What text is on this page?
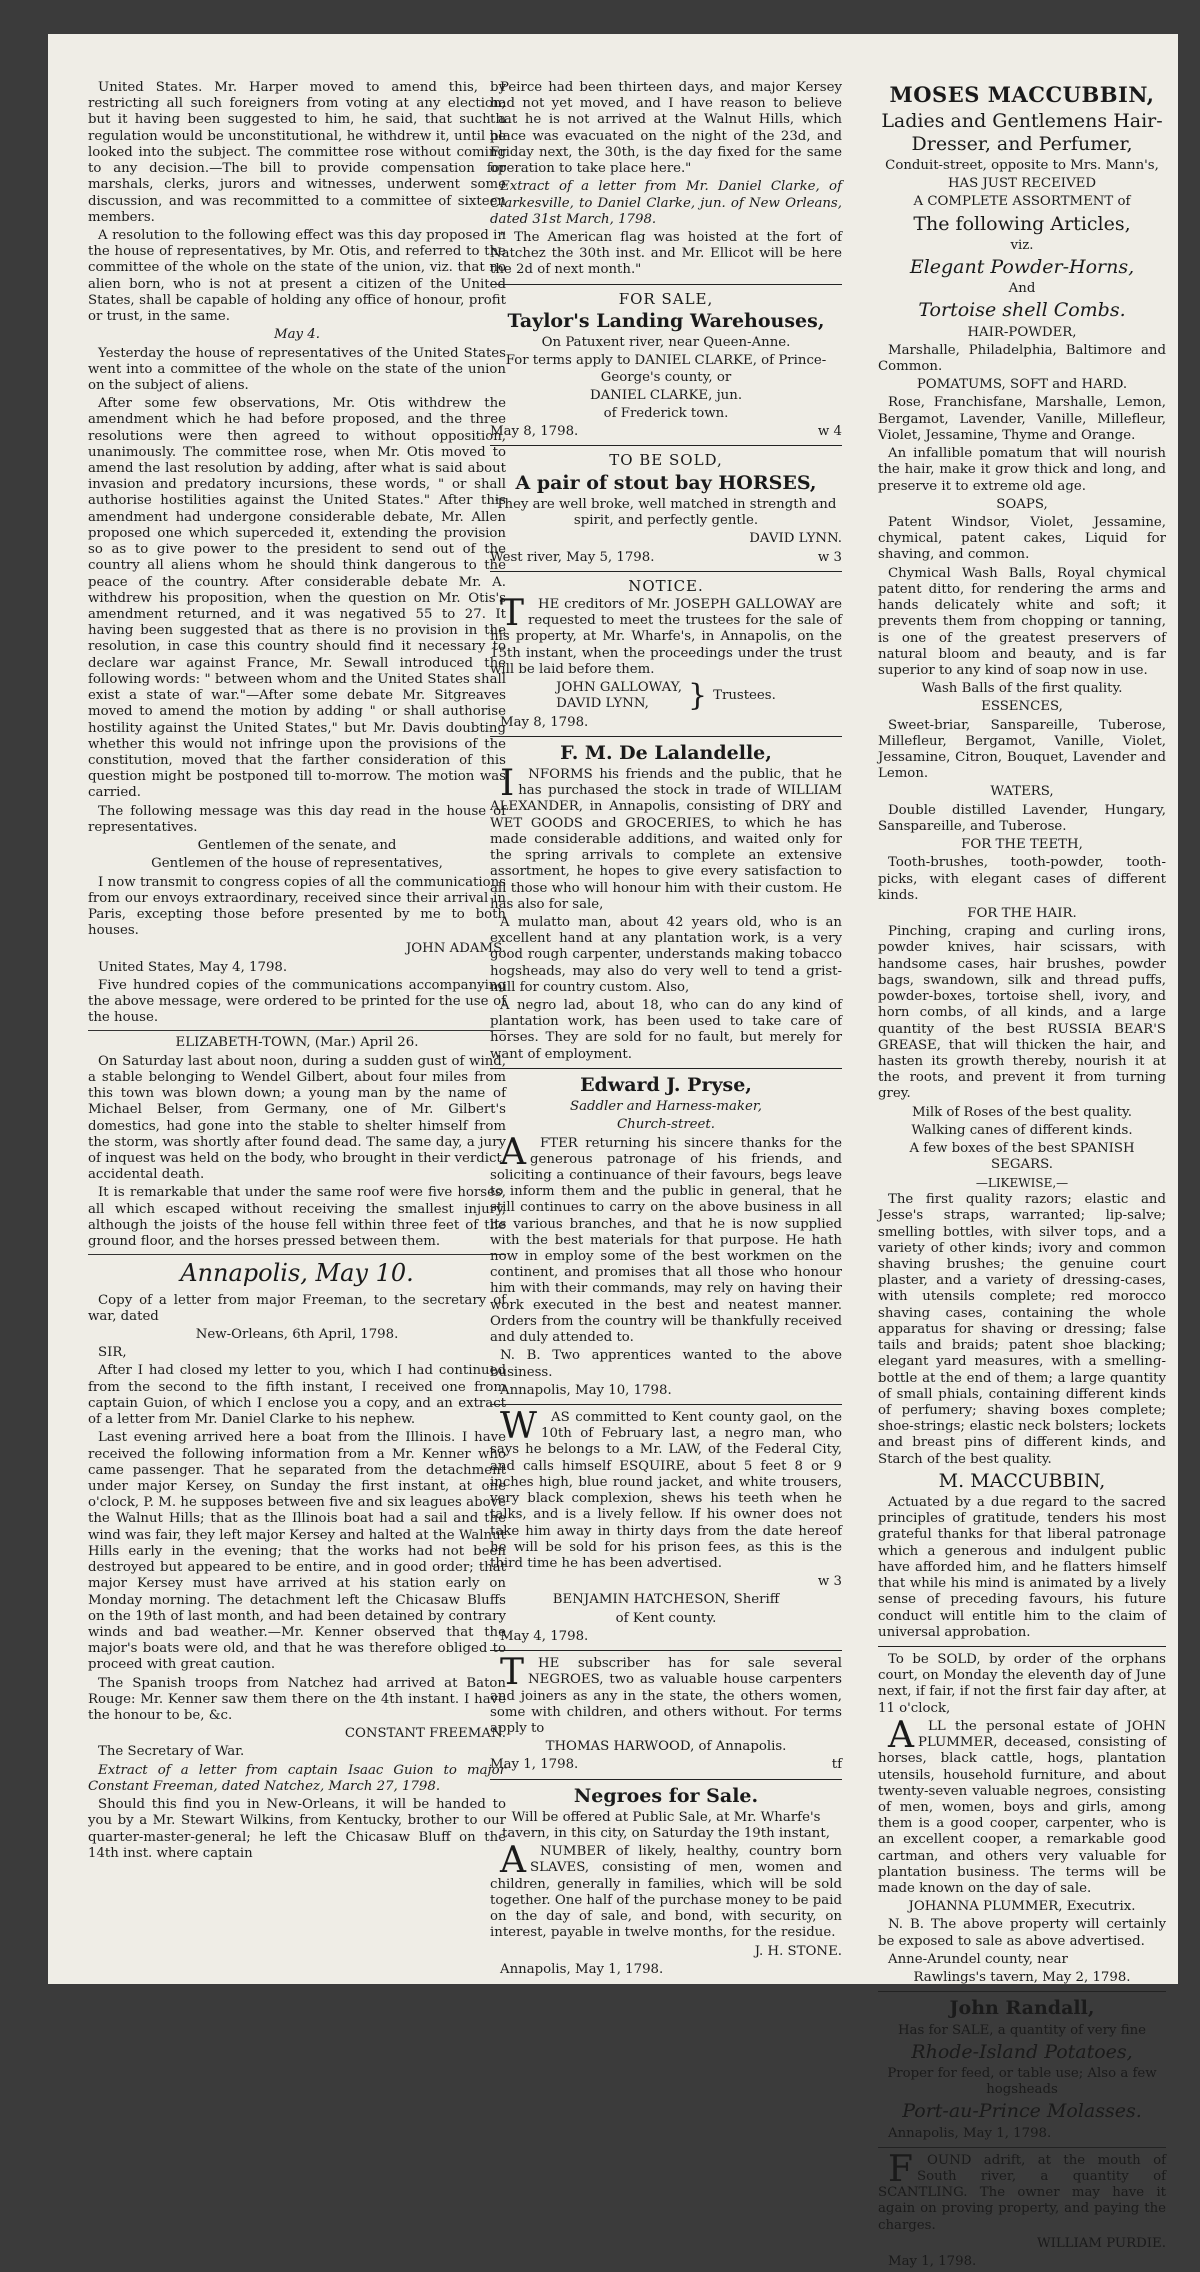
United States. Mr. Harper moved to amend this, by restricting all such foreigners from voting at any election; but it having been suggested to him, he said, that such a regulation would be unconstitutional, he withdrew it, until he looked into the subject. The committee rose without coming to any decision.—The bill to provide compensation for marshals, clerks, jurors and witnesses, underwent some discussion, and was recommitted to a committee of sixteen members.

A resolution to the following effect was this day proposed in the house of representatives, by Mr. Otis, and referred to the committee of the whole on the state of the union, viz. that no alien born, who is not at present a citizen of the United States, shall be capable of holding any office of honour, profit or trust, in the same.

May 4.

Yesterday the house of representatives of the United States went into a committee of the whole on the state of the union on the subject of aliens.

After some few observations, Mr. Otis withdrew the amendment which he had before proposed, and the three resolutions were then agreed to without opposition, unanimously. The committee rose, when Mr. Otis moved to amend the last resolution by adding, after what is said about invasion and predatory incursions, these words, " or shall authorise hostilities against the United States." After this amendment had undergone considerable debate, Mr. Allen proposed one which superceded it, extending the provision so as to give power to the president to send out of the country all aliens whom he should think dangerous to the peace of the country. After considerable debate Mr. A. withdrew his proposition, when the question on Mr. Otis's amendment returned, and it was negatived 55 to 27. It having been suggested that as there is no provision in the resolution, in case this country should find it necessary to declare war against France, Mr. Sewall introduced the following words: " between whom and the United States shall exist a state of war."—After some debate Mr. Sitgreaves moved to amend the motion by adding " or shall authorise hostility against the United States," but Mr. Davis doubting whether this would not infringe upon the provisions of the constitution, moved that the farther consideration of this question might be postponed till to-morrow. The motion was carried.

The following message was this day read in the house of representatives.

Gentlemen of the senate, and

Gentlemen of the house of representatives,

I now transmit to congress copies of all the communications from our envoys extraordinary, received since their arrival in Paris, excepting those before presented by me to both houses.

JOHN ADAMS.

United States, May 4, 1798.

Five hundred copies of the communications accompanying the above message, were ordered to be printed for the use of the house.

ELIZABETH-TOWN, (Mar.) April 26.

On Saturday last about noon, during a sudden gust of wind, a stable belonging to Wendel Gilbert, about four miles from this town was blown down; a young man by the name of Michael Belser, from Germany, one of Mr. Gilbert's domestics, had gone into the stable to shelter himself from the storm, was shortly after found dead. The same day, a jury of inquest was held on the body, who brought in their verdict, accidental death.

It is remarkable that under the same roof were five horses, all which escaped without receiving the smallest injury, although the joists of the house fell within three feet of the ground floor, and the horses pressed between them.

Annapolis, May 10.

Copy of a letter from major Freeman, to the secretary of war, dated

New-Orleans, 6th April, 1798.

SIR,

After I had closed my letter to you, which I had continued from the second to the fifth instant, I received one from captain Guion, of which I enclose you a copy, and an extract of a letter from Mr. Daniel Clarke to his nephew.

Last evening arrived here a boat from the Illinois. I have received the following information from a Mr. Kenner who came passenger. That he separated from the detachment under major Kersey, on Sunday the first instant, at one o'clock, P. M. he supposes between five and six leagues above the Walnut Hills; that as the Illinois boat had a sail and the wind was fair, they left major Kersey and halted at the Walnut Hills early in the evening; that the works had not been destroyed but appeared to be entire, and in good order; that major Kersey must have arrived at his station early on Monday morning. The detachment left the Chicasaw Bluffs on the 19th of last month, and had been detained by contrary winds and bad weather.—Mr. Kenner observed that the major's boats were old, and that he was therefore obliged to proceed with great caution.

The Spanish troops from Natchez had arrived at Baton Rouge: Mr. Kenner saw them there on the 4th instant. I have the honour to be, &c.

CONSTANT FREEMAN.

The Secretary of War.

Extract of a letter from captain Isaac Guion to major Constant Freeman, dated Natchez, March 27, 1798.

Should this find you in New-Orleans, it will be handed to you by a Mr. Stewart Wilkins, from Kentucky, brother to our quarter-master-general; he left the Chicasaw Bluff on the 14th inst. where captain

Peirce had been thirteen days, and major Kersey had not yet moved, and I have reason to believe that he is not arrived at the Walnut Hills, which place was evacuated on the night of the 23d, and Friday next, the 30th, is the day fixed for the same operation to take place here."

Extract of a letter from Mr. Daniel Clarke, of Clarkesville, to Daniel Clarke, jun. of New Orleans, dated 31st March, 1798.

" The American flag was hoisted at the fort of Natchez the 30th inst. and Mr. Ellicot will be here the 2d of next month."

FOR SALE,
Taylor's Landing Warehouses,

On Patuxent river, near Queen-Anne.

For terms apply to DANIEL CLARKE, of Prince-George's county, or

DANIEL CLARKE, jun.

of Frederick town.

May 8, 1798.	w 4
TO BE SOLD,
A pair of stout bay HORSES,

They are well broke, well matched in strength and spirit, and perfectly gentle.

DAVID LYNN.

West river, May 5, 1798.	w 3
NOTICE.

T HE creditors of Mr. JOSEPH GALLOWAY are requested to meet the trustees for the sale of his property, at Mr. Wharfe's, in Annapolis, on the 15th instant, when the proceedings under the trust will be laid before them.

JOHN GALLOWAY,
DAVID LYNN,	} Trustees.

May 8, 1798.

F. M. De Lalandelle,

I NFORMS his friends and the public, that he has purchased the stock in trade of WILLIAM ALEXANDER, in Annapolis, consisting of DRY and WET GOODS and GROCERIES, to which he has made considerable additions, and waited only for the spring arrivals to complete an extensive assortment, he hopes to give every satisfaction to all those who will honour him with their custom. He has also for sale,

A mulatto man, about 42 years old, who is an excellent hand at any plantation work, is a very good rough carpenter, understands making tobacco hogsheads, may also do very well to tend a grist-mill for country custom. Also,

A negro lad, about 18, who can do any kind of plantation work, has been used to take care of horses. They are sold for no fault, but merely for want of employment.

Edward J. Pryse,

Saddler and Harness-maker,

Church-street.

A FTER returning his sincere thanks for the generous patronage of his friends, and soliciting a continuance of their favours, begs leave to inform them and the public in general, that he still continues to carry on the above business in all its various branches, and that he is now supplied with the best materials for that purpose. He hath now in employ some of the best workmen on the continent, and promises that all those who honour him with their commands, may rely on having their work executed in the best and neatest manner. Orders from the country will be thankfully received and duly attended to.

N. B. Two apprentices wanted to the above business.

Annapolis, May 10, 1798.

W AS committed to Kent county gaol, on the 10th of February last, a negro man, who says he belongs to a Mr. LAW, of the Federal City, and calls himself ESQUIRE, about 5 feet 8 or 9 inches high, blue round jacket, and white trousers, very black complexion, shews his teeth when he talks, and is a lively fellow. If his owner does not take him away in thirty days from the date hereof he will be sold for his prison fees, as this is the third time he has been advertised.

w 3

BENJAMIN HATCHESON, Sheriff

of Kent county.

May 4, 1798.

T HE subscriber has for sale several NEGROES, two as valuable house carpenters and joiners as any in the state, the others women, some with children, and others without. For terms apply to

THOMAS HARWOOD, of Annapolis.

May 1, 1798.	tf
Negroes for Sale.

Will be offered at Public Sale, at Mr. Wharfe's tavern, in this city, on Saturday the 19th instant,

A NUMBER of likely, healthy, country born SLAVES, consisting of men, women and children, generally in families, which will be sold together. One half of the purchase money to be paid on the day of sale, and bond, with security, on interest, payable in twelve months, for the residue.

J. H. STONE.

Annapolis, May 1, 1798.

MOSES MACCUBBIN,
Ladies and Gentlemens Hair-Dresser, and Perfumer,

Conduit-street, opposite to Mrs. Mann's,

HAS JUST RECEIVED

A COMPLETE ASSORTMENT of

The following Articles,

viz.

Elegant Powder-Horns,

And

Tortoise shell Combs.

HAIR-POWDER,

Marshalle, Philadelphia, Baltimore and Common.

POMATUMS, SOFT and HARD.

Rose, Franchisfane, Marshalle, Lemon, Bergamot, Lavender, Vanille, Millefleur, Violet, Jessamine, Thyme and Orange.

An infallible pomatum that will nourish the hair, make it grow thick and long, and preserve it to extreme old age.

SOAPS,

Patent Windsor, Violet, Jessamine, chymical, patent cakes, Liquid for shaving, and common.

Chymical Wash Balls, Royal chymical patent ditto, for rendering the arms and hands delicately white and soft; it prevents them from chopping or tanning, is one of the greatest preservers of natural bloom and beauty, and is far superior to any kind of soap now in use.

Wash Balls of the first quality.

ESSENCES,

Sweet-briar, Sanspareille, Tuberose, Millefleur, Bergamot, Vanille, Violet, Jessamine, Citron, Bouquet, Lavender and Lemon.

WATERS,

Double distilled Lavender, Hungary, Sanspareille, and Tuberose.

FOR THE TEETH,

Tooth-brushes, tooth-powder, tooth-picks, with elegant cases of different kinds.

FOR THE HAIR.

Pinching, craping and curling irons, powder knives, hair scissars, with handsome cases, hair brushes, powder bags, swandown, silk and thread puffs, powder-boxes, tortoise shell, ivory, and horn combs, of all kinds, and a large quantity of the best RUSSIA BEAR'S GREASE, that will thicken the hair, and hasten its growth thereby, nourish it at the roots, and prevent it from turning grey.

Milk of Roses of the best quality.

Walking canes of different kinds.

A few boxes of the best SPANISH SEGARS.

—LIKEWISE,—

The first quality razors; elastic and Jesse's straps, warranted; lip-salve; smelling bottles, with silver tops, and a variety of other kinds; ivory and common shaving brushes; the genuine court plaster, and a variety of dressing-cases, with utensils complete; red morocco shaving cases, containing the whole apparatus for shaving or dressing; false tails and braids; patent shoe blacking; elegant yard measures, with a smelling-bottle at the end of them; a large quantity of small phials, containing different kinds of perfumery; shaving boxes complete; shoe-strings; elastic neck bolsters; lockets and breast pins of different kinds, and Starch of the best quality.

M. MACCUBBIN,

Actuated by a due regard to the sacred principles of gratitude, tenders his most grateful thanks for that liberal patronage which a generous and indulgent public have afforded him, and he flatters himself that while his mind is animated by a lively sense of preceding favours, his future conduct will entitle him to the claim of universal approbation.

To be SOLD, by order of the orphans court, on Monday the eleventh day of June next, if fair, if not the first fair day after, at 11 o'clock,

A LL the personal estate of JOHN PLUMMER, deceased, consisting of horses, black cattle, hogs, plantation utensils, household furniture, and about twenty-seven valuable negroes, consisting of men, women, boys and girls, among them is a good cooper, carpenter, who is an excellent cooper, a remarkable good cartman, and others very valuable for plantation business. The terms will be made known on the day of sale.

JOHANNA PLUMMER, Executrix.

N. B. The above property will certainly be exposed to sale as above advertised.

Anne-Arundel county, near

Rawlings's tavern, May 2, 1798.

John Randall,

Has for SALE, a quantity of very fine

Rhode-Island Potatoes,

Proper for feed, or table use; Also a few hogsheads

Port-au-Prince Molasses.

Annapolis, May 1, 1798.

F OUND adrift, at the mouth of South river, a quantity of SCANTLING. The owner may have it again on proving property, and paying the charges.

WILLIAM PURDIE.

May 1, 1798.
